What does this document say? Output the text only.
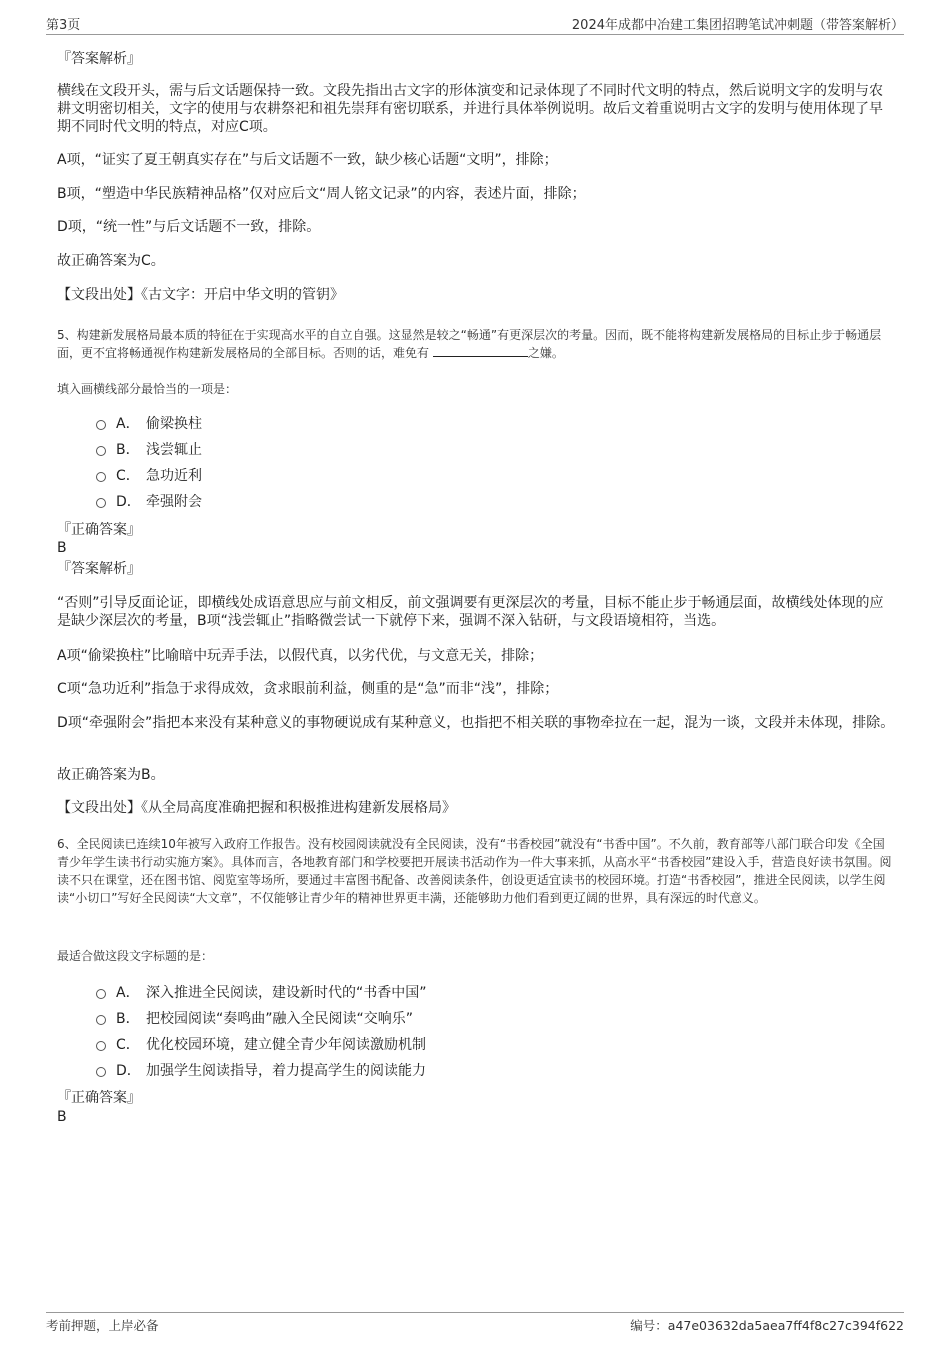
第3页	2024年成都中冶建工集团招聘笔试冲刺题（带答案解析）
『答案解析』
横线在文段开头，需与后文话题保持一致。文段先指出古文字的形体演变和记录体现了不同时代文明的特点，然后说明文字的发明与农耕文明密切相关，文字的使用与农耕祭祀和祖先崇拜有密切联系，并进行具体举例说明。故后文着重说明古文字的发明与使用体现了早期不同时代文明的特点，对应C项。
A项，“证实了夏王朝真实存在”与后文话题不一致，缺少核心话题“文明”，排除；
B项，“塑造中华民族精神品格”仅对应后文“周人铭文记录”的内容，表述片面，排除；
D项，“统一性”与后文话题不一致，排除。
故正确答案为C。
【文段出处】《古文字：开启中华文明的管钥》
5、构建新发展格局最本质的特征在于实现高水平的自立自强。这显然是较之“畅通”有更深层次的考量。因而，既不能将构建新发展格局的目标止步于畅通层面，更不宜将畅通视作构建新发展格局的全部目标。否则的话，难免有	之嫌。
填入画横线部分最恰当的一项是：
A． 偷梁换柱
B． 浅尝辄止
C． 急功近利
D． 牵强附会
『正确答案』
B
『答案解析』
“否则”引导反面论证，即横线处成语意思应与前文相反，前文强调要有更深层次的考量，目标不能止步于畅通层面，故横线处体现的应是缺少深层次的考量，B项“浅尝辄止”指略微尝试一下就停下来，强调不深入钻研，与文段语境相符，当选。
A项“偷梁换柱”比喻暗中玩弄手法，以假代真，以劣代优，与文意无关，排除；
C项“急功近利”指急于求得成效，贪求眼前利益，侧重的是“急”而非“浅”，排除；
D项“牵强附会”指把本来没有某种意义的事物硬说成有某种意义，也指把不相关联的事物牵拉在一起，混为一谈，文段并未体现，排除。
故正确答案为B。
【文段出处】《从全局高度准确把握和积极推进构建新发展格局》
6、全民阅读已连续10年被写入政府工作报告。没有校园阅读就没有全民阅读，没有“书香校园”就没有“书香中国”。不久前，教育部等八部门联合印发《全国青少年学生读书行动实施方案》。具体而言，各地教育部门和学校要把开展读书活动作为一件大事来抓，从高水平“书香校园”建设入手，营造良好读书氛围。阅读不只在课堂，还在图书馆、阅览室等场所，要通过丰富图书配备、改善阅读条件，创设更适宜读书的校园环境。打造“书香校园”，推进全民阅读，以学生阅读“小切口”写好全民阅读“大文章”，不仅能够让青少年的精神世界更丰满，还能够助力他们看到更辽阔的世界，具有深远的时代意义。
最适合做这段文字标题的是：
A． 深入推进全民阅读，建设新时代的“书香中国”
B． 把校园阅读“奏鸣曲”融入全民阅读“交响乐”
C． 优化校园环境，建立健全青少年阅读激励机制
D． 加强学生阅读指导，着力提高学生的阅读能力
『正确答案』
B
考前押题，上岸必备	编号：a47e03632da5aea7ff4f8c27c394f622
